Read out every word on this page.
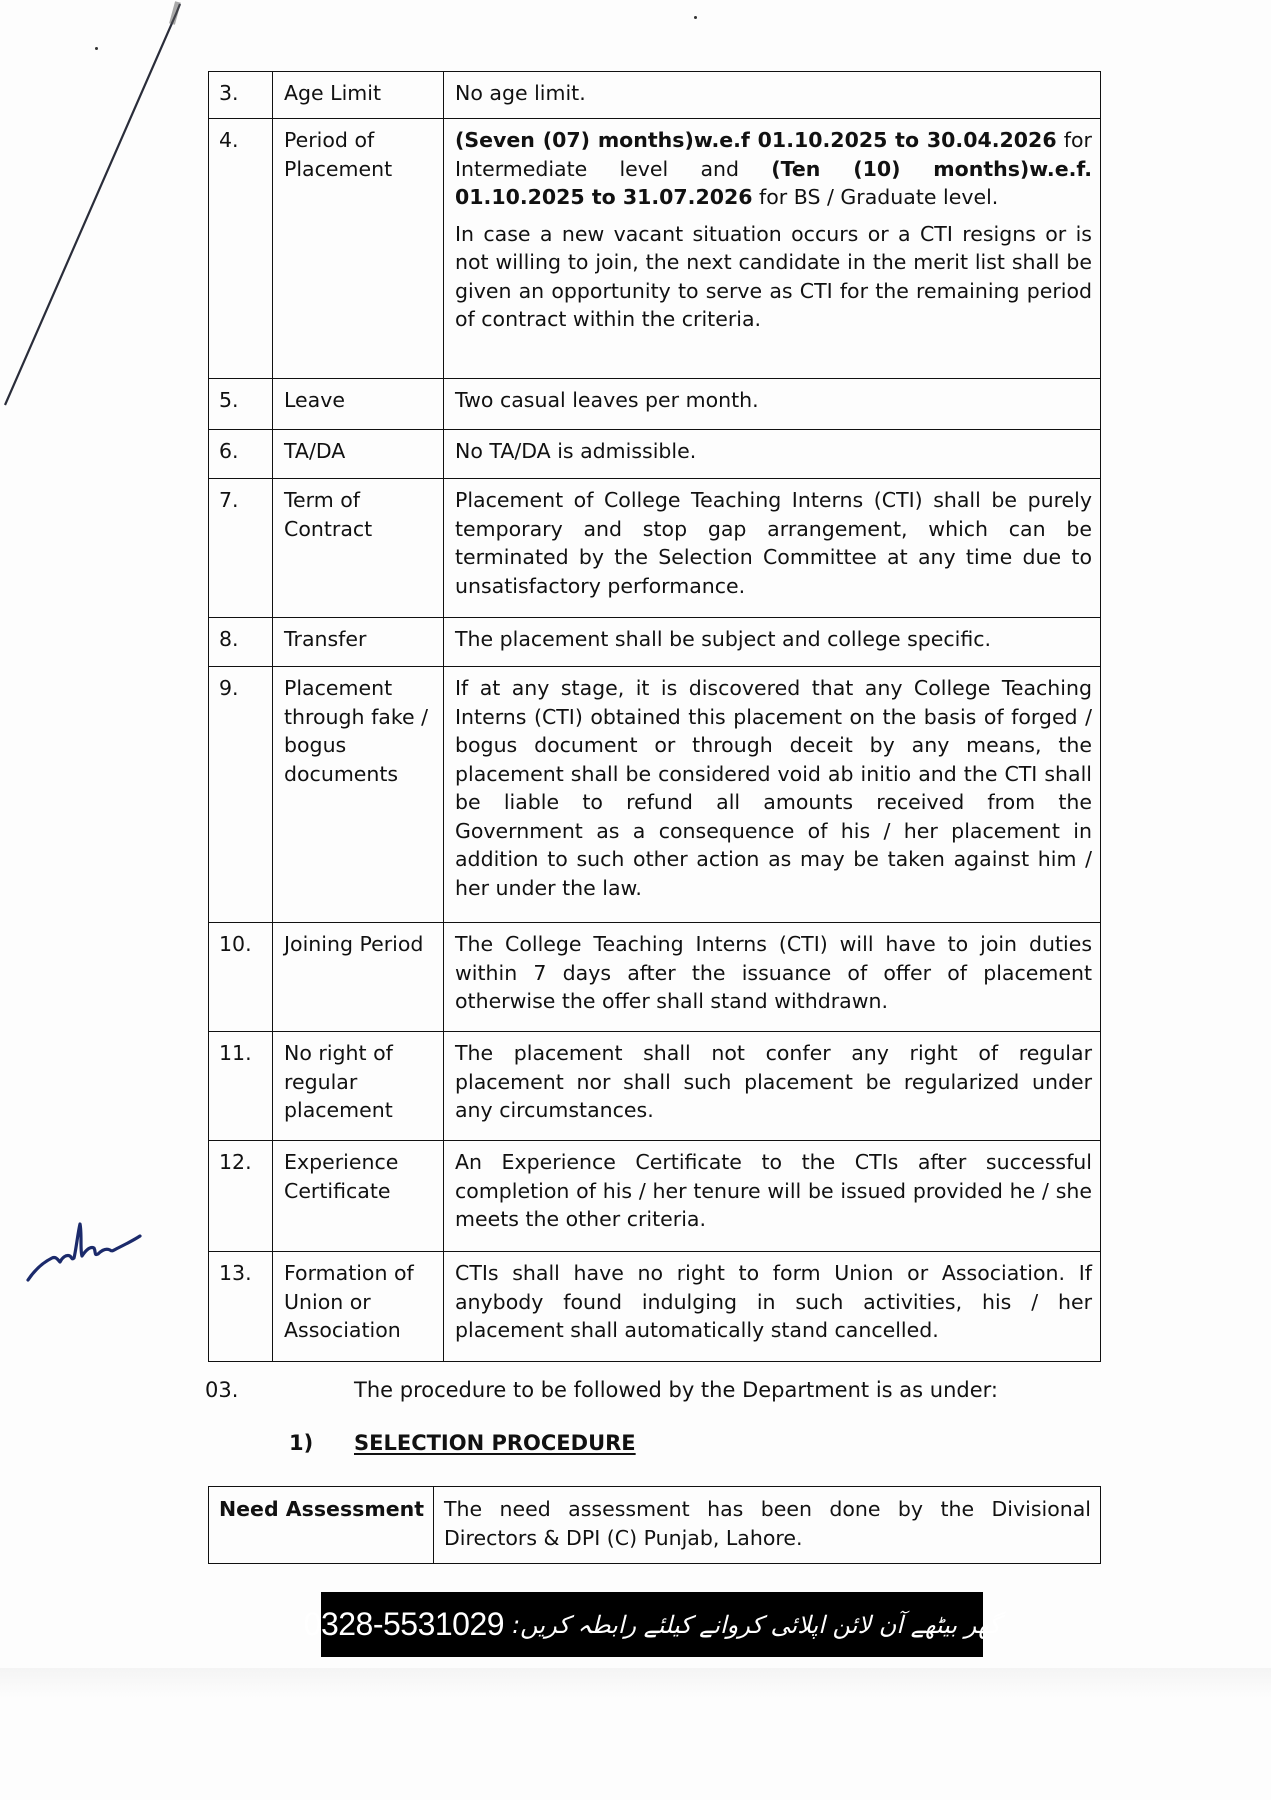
3.	Age Limit	No age limit.
4.	Period of Placement	(Seven (07) months)w.e.f 01.10.2025 to 30.04.2026 for Intermediate level and (Ten (10) months)w.e.f. 01.10.2025 to 31.07.2026 for BS / Graduate level.

In case a new vacant situation occurs or a CTI resigns or is not willing to join, the next candidate in the merit list shall be given an opportunity to serve as CTI for the remaining period of contract within the criteria.

5.	Leave	Two casual leaves per month.
6.	TA/DA	No TA/DA is admissible.
7.	Term of Contract	Placement of College Teaching Interns (CTI) shall be purely temporary and stop gap arrangement, which can be terminated by the Selection Committee at any time due to unsatisfactory performance.
8.	Transfer	The placement shall be subject and college specific.
9.	Placement through fake / bogus documents	If at any stage, it is discovered that any College Teaching Interns (CTI) obtained this placement on the basis of forged / bogus document or through deceit by any means, the placement shall be considered void ab initio and the CTI shall be liable to refund all amounts received from the Government as a consequence of his / her placement in addition to such other action as may be taken against him / her under the law.
10.	Joining Period	The College Teaching Interns (CTI) will have to join duties within 7 days after the issuance of offer of placement otherwise the offer shall stand withdrawn.
11.	No right of regular placement	The placement shall not confer any right of regular placement nor shall such placement be regularized under any circumstances.
12.	Experience Certificate	An Experience Certificate to the CTIs after successful completion of his / her tenure will be issued provided he / she meets the other criteria.
13.	Formation of Union or Association	CTIs shall have no right to form Union or Association. If anybody found indulging in such activities, his / her placement shall automatically stand cancelled.
03.	The procedure to be followed by the Department is as under:
1) SELECTION PROCEDURE
Need Assessment	The need assessment has been done by the Divisional Directors & DPI (C) Punjab, Lahore.
0328-5531029 گھر بیٹھے آن لائن اپلائی کروانے کیلئے رابطہ کریں:
